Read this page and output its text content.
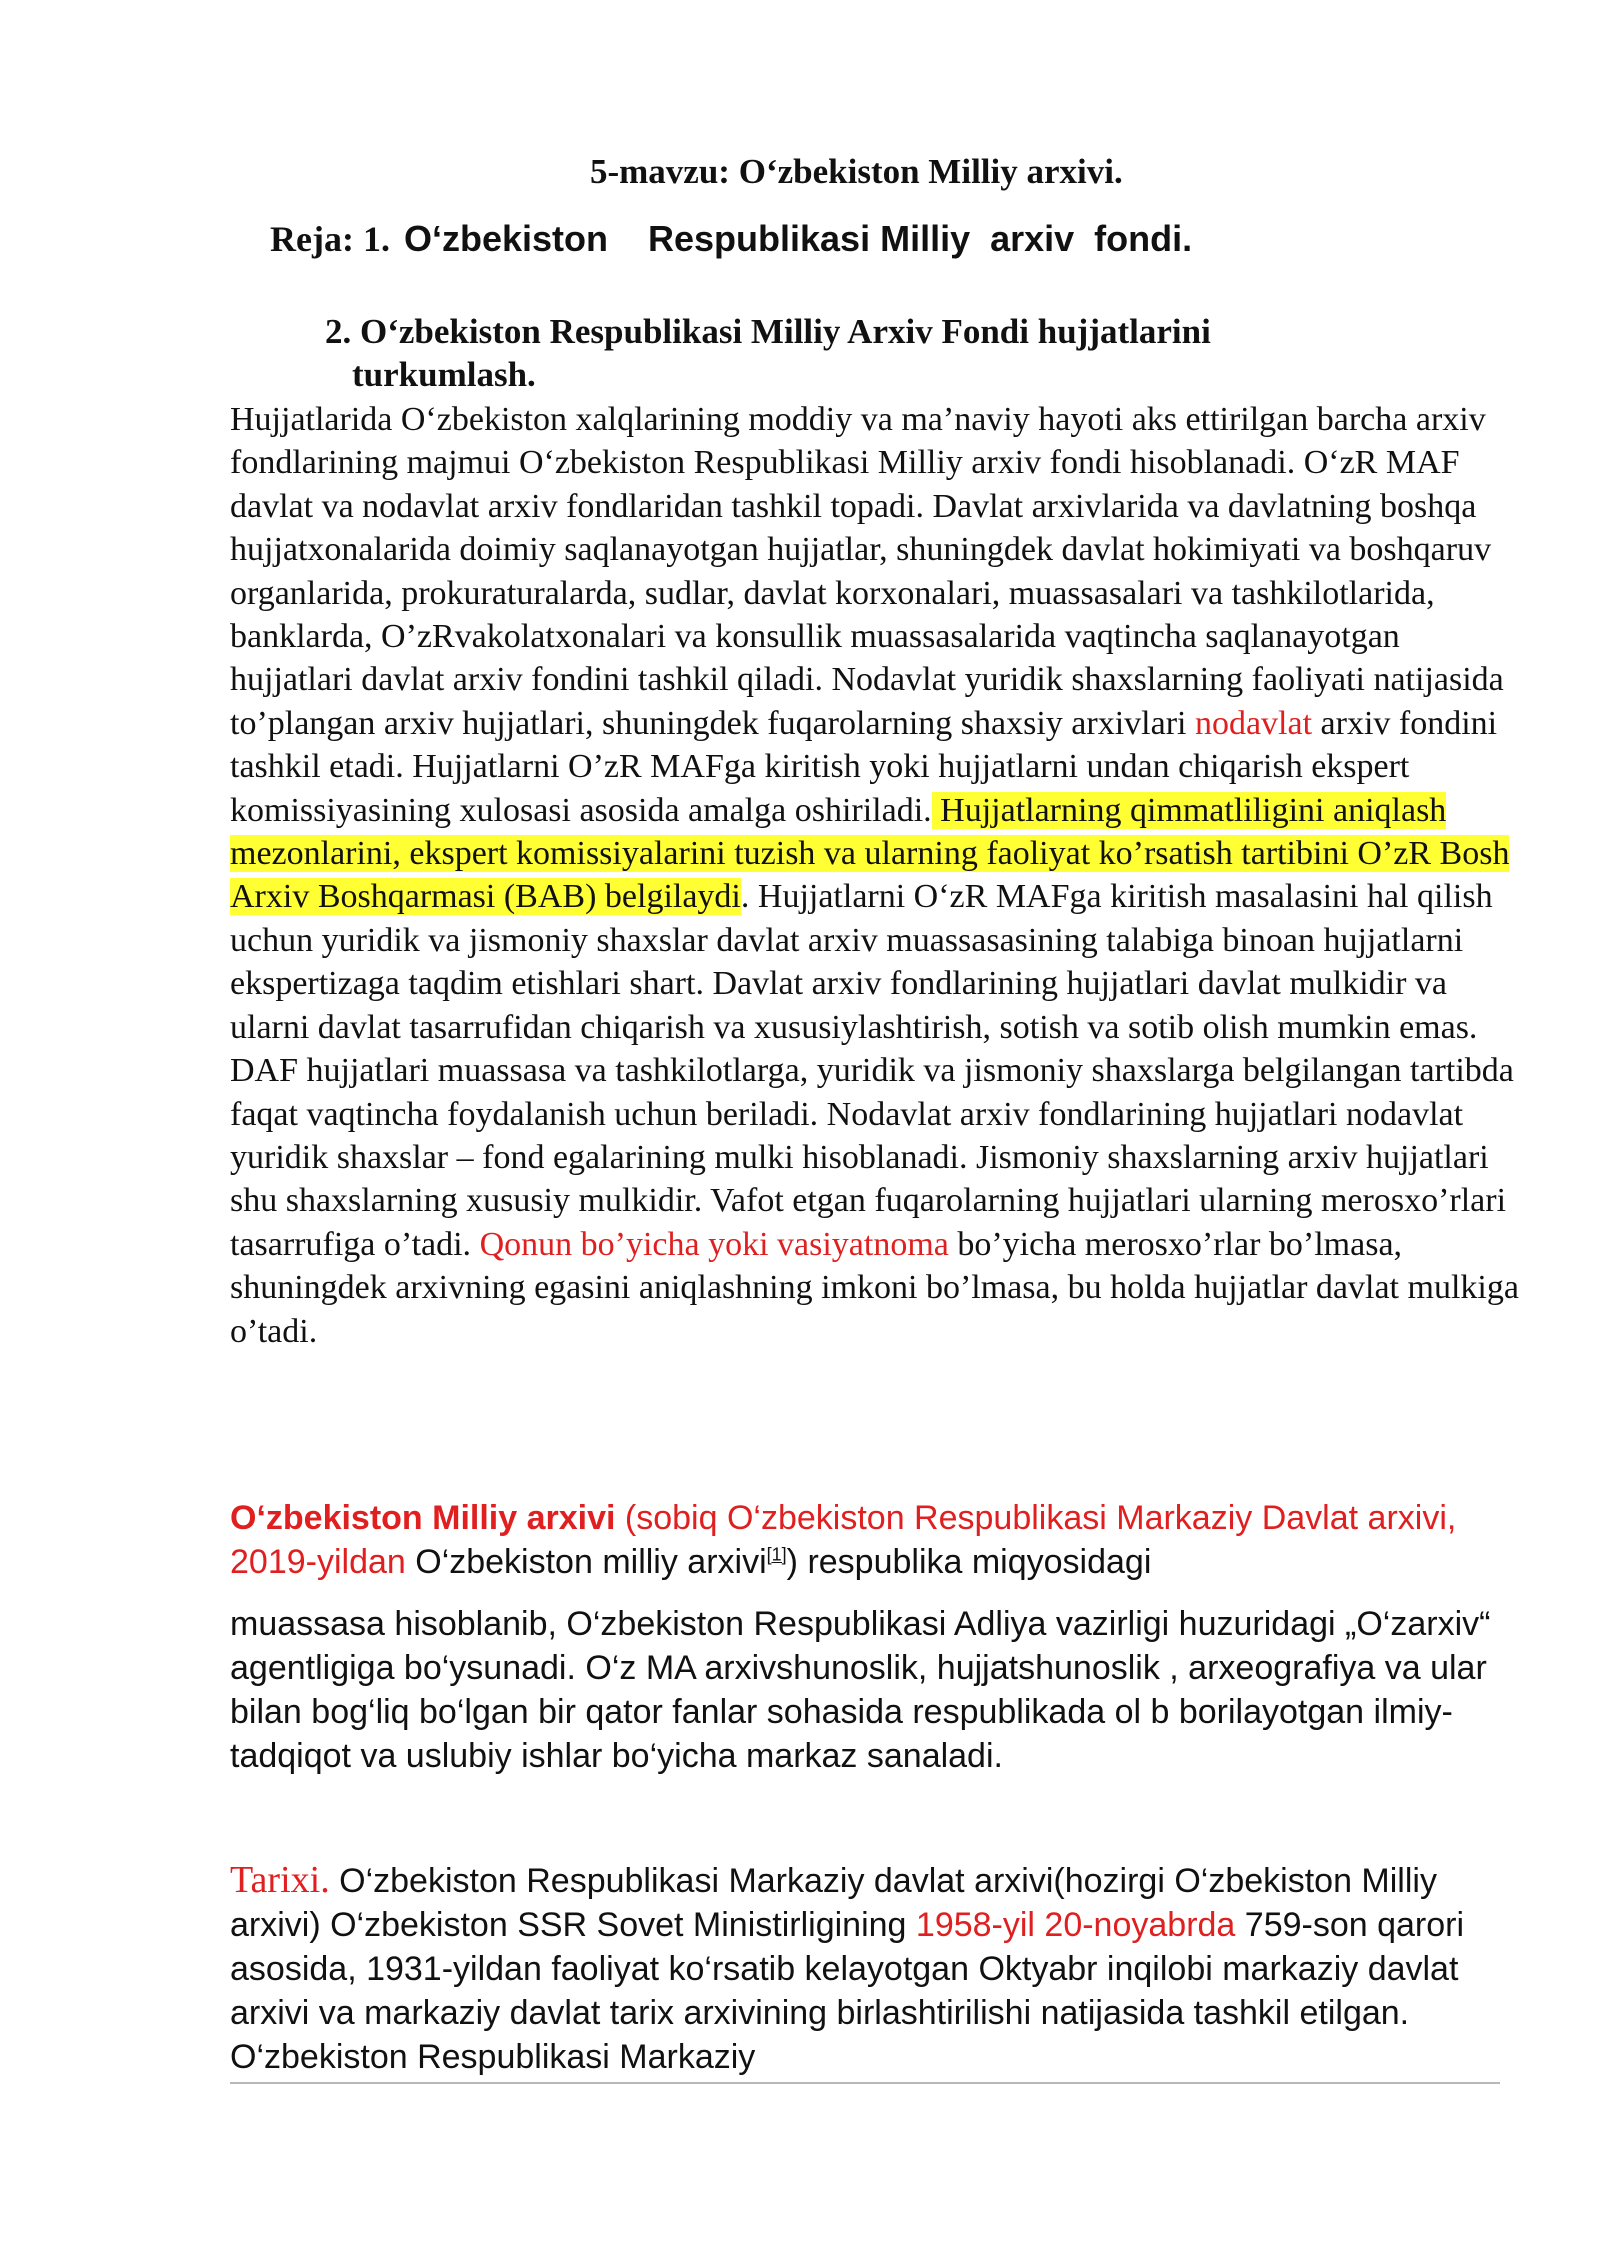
5-mavzu: O‘zbekiston Milliy arxivi.
Reja: 1. O‘zbekiston    Respublikasi Milliy  arxiv  fondi.
2. O‘zbekiston Respublikasi Milliy Arxiv Fondi hujjatlarini
turkumlash.
Hujjatlarida O‘zbekiston xalqlarining moddiy va ma’naviy hayoti aks ettirilgan barcha arxiv fondlarining majmui O‘zbekiston Respublikasi Milliy arxiv fondi hisoblanadi. O‘zR MAF davlat va nodavlat arxiv fondlaridan tashkil topadi. Davlat arxivlarida va davlatning boshqa hujjatxonalarida doimiy saqlanayotgan hujjatlar, shuningdek davlat hokimiyati va boshqaruv organlarida, prokuraturalarda, sudlar, davlat korxonalari, muassasalari va tashkilotlarida, banklarda, O’zRvakolatxonalari va konsullik muassasalarida vaqtincha saqlanayotgan hujjatlari davlat arxiv fondini tashkil qiladi. Nodavlat yuridik shaxslarning faoliyati natijasida to’plangan arxiv hujjatlari, shuningdek fuqarolarning shaxsiy arxivlari nodavlat arxiv fondini tashkil etadi. Hujjatlarni O’zR MAFga kiritish yoki hujjatlarni undan chiqarish ekspert komissiyasining xulosasi asosida amalga oshiriladi. Hujjatlarning qimmatliligini aniqlash mezonlarini, ekspert komissiyalarini tuzish va ularning faoliyat ko’rsatish tartibini O’zR Bosh Arxiv Boshqarmasi (BAB) belgilaydi. Hujjatlarni O‘zR MAFga kiritish masalasini hal qilish uchun yuridik va jismoniy shaxslar davlat arxiv muassasasining talabiga binoan hujjatlarni ekspertizaga taqdim etishlari shart. Davlat arxiv fondlarining hujjatlari davlat mulkidir va ularni davlat tasarrufidan chiqarish va xususiylashtirish, sotish va sotib olish mumkin emas. DAF hujjatlari muassasa va tashkilotlarga, yuridik va jismoniy shaxslarga belgilangan tartibda faqat vaqtincha foydalanish uchun beriladi. Nodavlat arxiv fondlarining hujjatlari nodavlat yuridik shaxslar – fond egalarining mulki hisoblanadi. Jismoniy shaxslarning arxiv hujjatlari shu shaxslarning xususiy mulkidir. Vafot etgan fuqarolarning hujjatlari ularning merosxo’rlari tasarrufiga o’tadi. Qonun bo’yicha yoki vasiyatnoma bo’yicha merosxo’rlar bo’lmasa, shuningdek arxivning egasini aniqlashning imkoni bo’lmasa, bu holda hujjatlar davlat mulkiga o’tadi.
O‘zbekiston Milliy arxivi (sobiq O‘zbekiston Respublikasi Markaziy Davlat arxivi, 2019-yildan O‘zbekiston milliy arxivi[1]) respublika miqyosidagi
muassasa hisoblanib, O‘zbekiston Respublikasi Adliya vazirligi huzuridagi „O‘zarxiv“ agentligiga bo‘ysunadi. O‘z MA arxivshunoslik, hujjatshunoslik , arxeografiya va ular bilan bog‘liq bo‘lgan bir qator fanlar sohasida respublikada ol b borilayotgan ilmiy-tadqiqot va uslubiy ishlar bo‘yicha markaz sanaladi.
Tarixi. O‘zbekiston Respublikasi Markaziy davlat arxivi(hozirgi O‘zbekiston Milliy arxivi) O‘zbekiston SSR Sovet Ministirligining 1958-yil 20-noyabrda 759-son qarori asosida, 1931-yildan faoliyat ko‘rsatib kelayotgan Oktyabr inqilobi markaziy davlat arxivi va markaziy davlat tarix arxivining birlashtirilishi natijasida tashkil etilgan. O‘zbekiston Respublikasi Markaziy
